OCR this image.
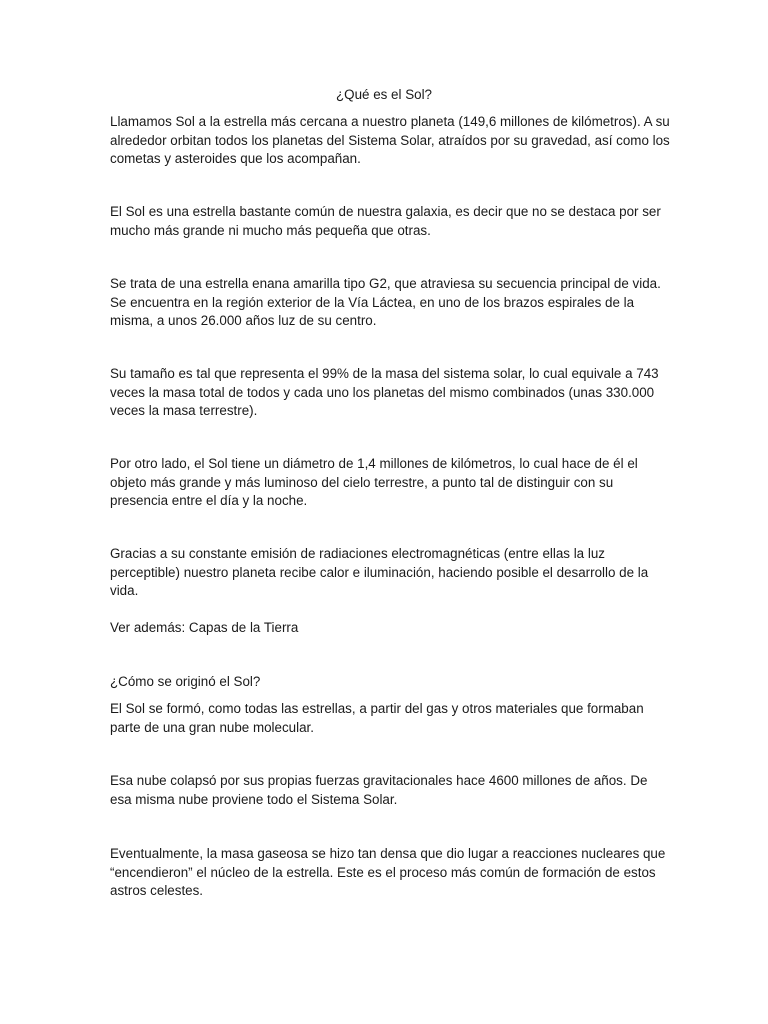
¿Qué es el Sol?

Llamamos Sol a la estrella más cercana a nuestro planeta (149,6 millones de kilómetros). A su alrededor orbitan todos los planetas del Sistema Solar, atraídos por su gravedad, así como los cometas y asteroides que los acompañan.

El Sol es una estrella bastante común de nuestra galaxia, es decir que no se destaca por ser mucho más grande ni mucho más pequeña que otras.

Se trata de una estrella enana amarilla tipo G2, que atraviesa su secuencia principal de vida. Se encuentra en la región exterior de la Vía Láctea, en uno de los brazos espirales de la misma, a unos 26.000 años luz de su centro.

Su tamaño es tal que representa el 99% de la masa del sistema solar, lo cual equivale a 743 veces la masa total de todos y cada uno los planetas del mismo combinados (unas 330.000 veces la masa terrestre).

Por otro lado, el Sol tiene un diámetro de 1,4 millones de kilómetros, lo cual hace de él el objeto más grande y más luminoso del cielo terrestre, a punto tal de distinguir con su presencia entre el día y la noche.

Gracias a su constante emisión de radiaciones electromagnéticas (entre ellas la luz perceptible) nuestro planeta recibe calor e iluminación, haciendo posible el desarrollo de la vida.

Ver además: Capas de la Tierra

¿Cómo se originó el Sol?

El Sol se formó, como todas las estrellas, a partir del gas y otros materiales que formaban parte de una gran nube molecular.

Esa nube colapsó por sus propias fuerzas gravitacionales hace 4600 millones de años. De esa misma nube proviene todo el Sistema Solar.

Eventualmente, la masa gaseosa se hizo tan densa que dio lugar a reacciones nucleares que “encendieron” el núcleo de la estrella. Este es el proceso más común de formación de estos astros celestes.
